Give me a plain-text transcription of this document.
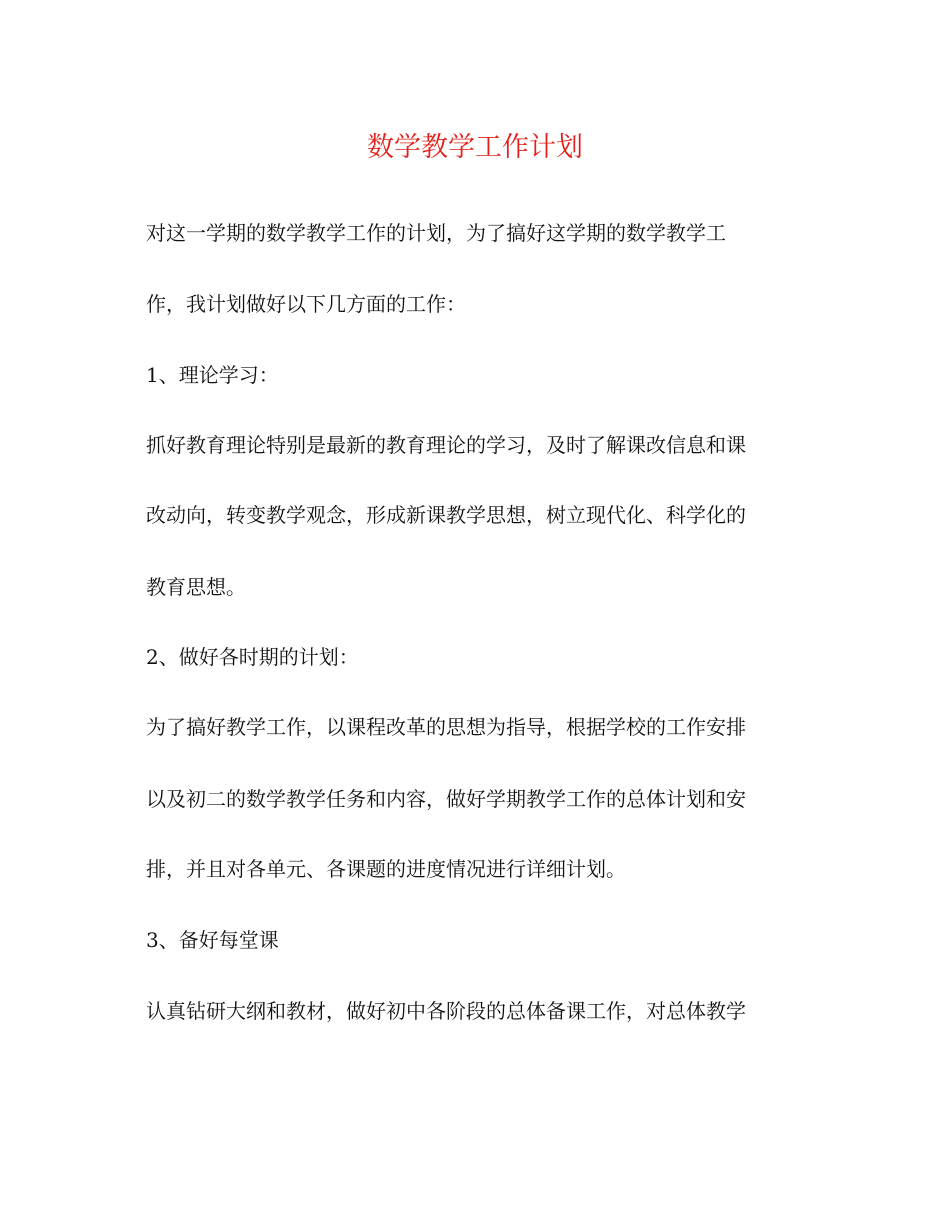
数学教学工作计划
对这一学期的数学教学工作的计划，为了搞好这学期的数学教学工
作，我计划做好以下几方面的工作：
1、理论学习：
抓好教育理论特别是最新的教育理论的学习，及时了解课改信息和课
改动向，转变教学观念，形成新课教学思想，树立现代化、科学化的
教育思想。
2、做好各时期的计划：
为了搞好教学工作，以课程改革的思想为指导，根据学校的工作安排
以及初二的数学教学任务和内容，做好学期教学工作的总体计划和安
排，并且对各单元、各课题的进度情况进行详细计划。
3、备好每堂课
认真钻研大纲和教材，做好初中各阶段的总体备课工作，对总体教学
